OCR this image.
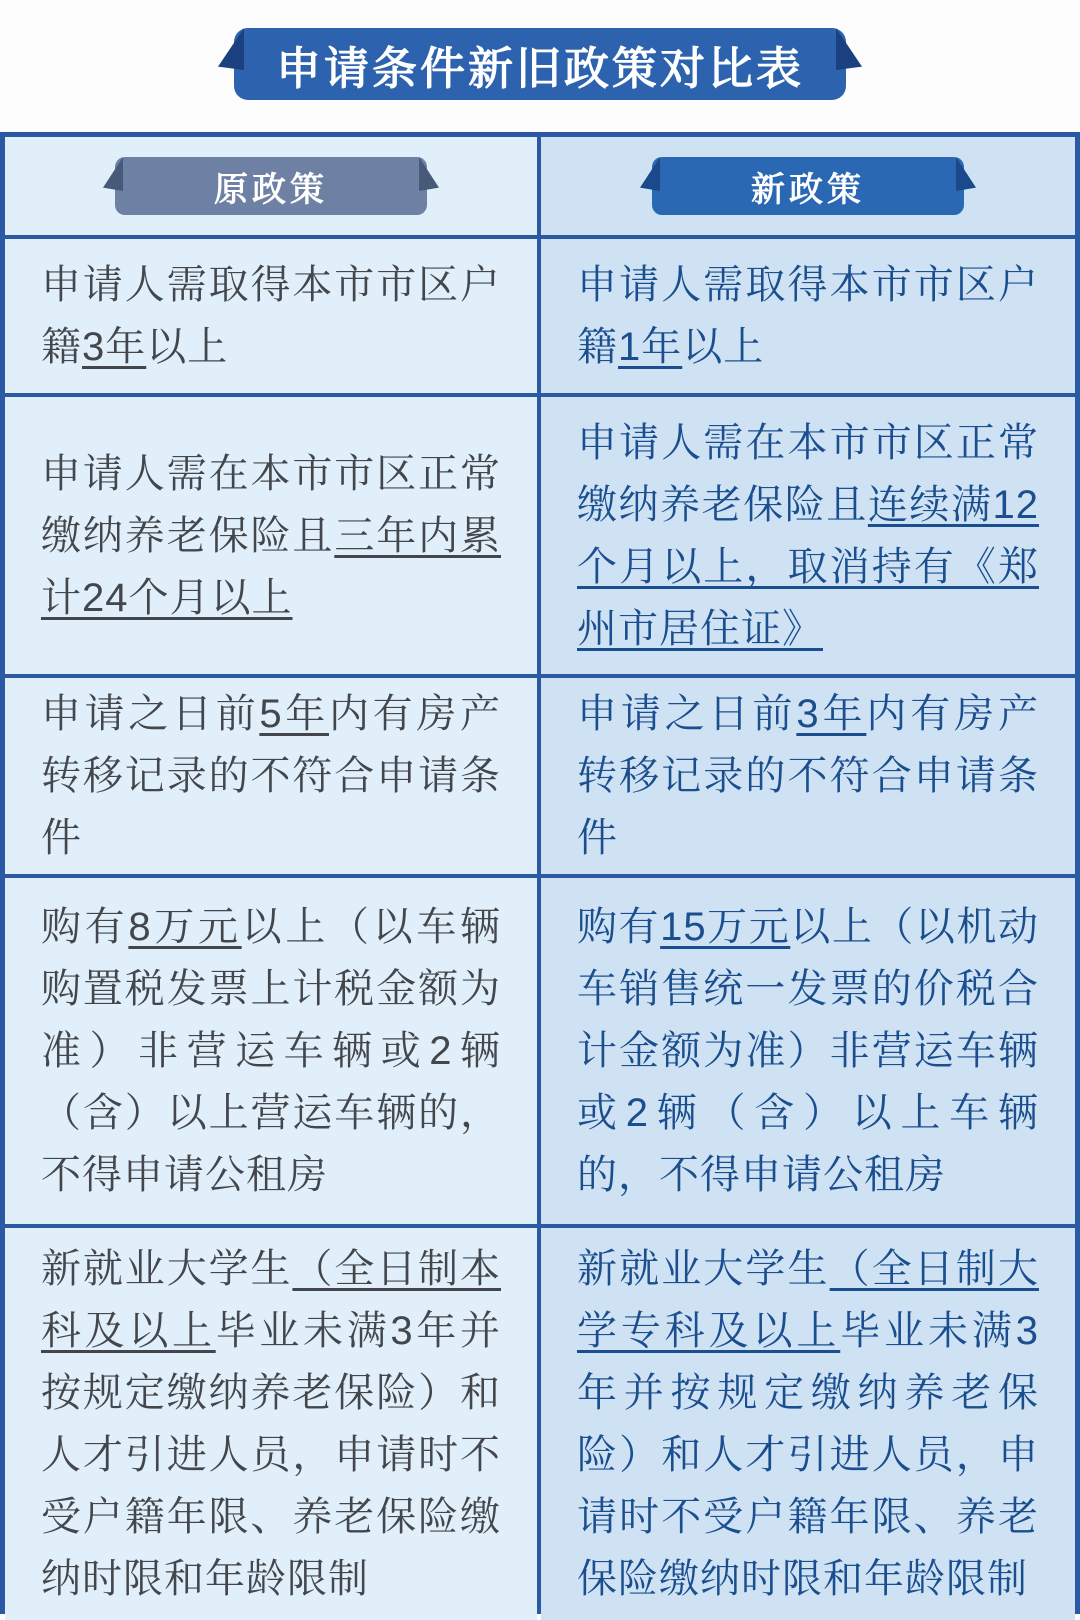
申请条件新旧政策对比表
原政策	新政策

申请人需取得本市市区户籍3年以上

申请人需取得本市市区户籍1年以上

申请人需在本市市区正常缴纳养老保险且三年内累计24个月以上

申请人需在本市市区正常缴纳养老保险且连续满12个月以上，取消持有《郑州市居住证》

申请之日前5年内有房产转移记录的不符合申请条件

申请之日前3年内有房产转移记录的不符合申请条件

购有8万元以上（以车辆购置税发票上计税金额为准）非营运车辆或2辆（含）以上营运车辆的，不得申请公租房

购有15万元以上（以机动车销售统一发票的价税合计金额为准）非营运车辆或2辆（含）以上车辆的，不得申请公租房

新就业大学生（全日制本科及以上毕业未满3年并按规定缴纳养老保险）和人才引进人员，申请时不受户籍年限、养老保险缴纳时限和年龄限制

新就业大学生（全日制大学专科及以上毕业未满3年并按规定缴纳养老保险）和人才引进人员，申请时不受户籍年限、养老保险缴纳时限和年龄限制
